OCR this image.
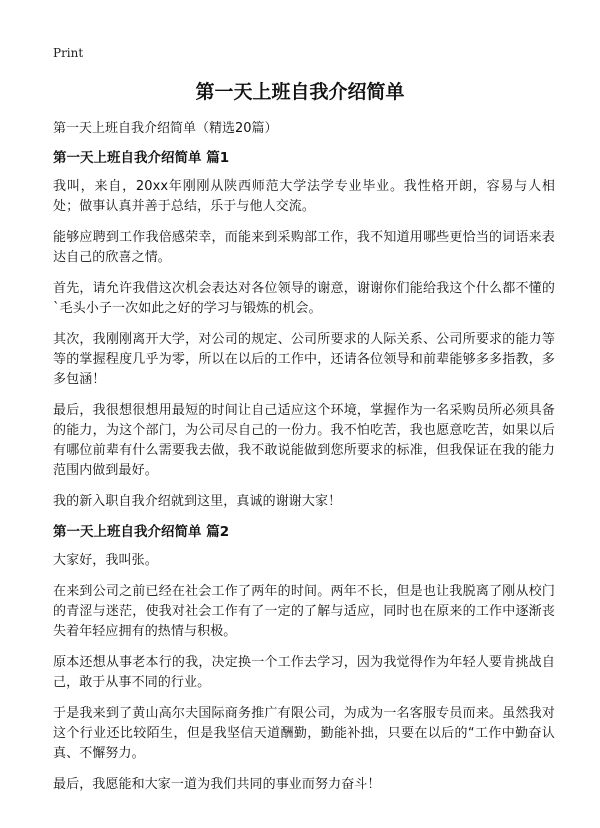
Print
第一天上班自我介绍简单

第一天上班自我介绍简单（精选20篇）

第一天上班自我介绍简单 篇1

我叫，来自，20xx年刚刚从陕西师范大学法学专业毕业。我性格开朗，容易与人相处；做事认真并善于总结，乐于与他人交流。

能够应聘到工作我倍感荣幸，而能来到采购部工作，我不知道用哪些更恰当的词语来表达自己的欣喜之情。

首先，请允许我借这次机会表达对各位领导的谢意，谢谢你们能给我这个什么都不懂的`毛头小子一次如此之好的学习与锻炼的机会。

其次，我刚刚离开大学，对公司的规定、公司所要求的人际关系、公司所要求的能力等等的掌握程度几乎为零，所以在以后的工作中，还请各位领导和前辈能够多多指教，多多包涵！

最后，我很想很想用最短的时间让自己适应这个环境，掌握作为一名采购员所必须具备的能力，为这个部门，为公司尽自己的一份力。我不怕吃苦，我也愿意吃苦，如果以后有哪位前辈有什么需要我去做，我不敢说能做到您所要求的标准，但我保证在我的能力范围内做到最好。

我的新入职自我介绍就到这里，真诚的谢谢大家！

第一天上班自我介绍简单 篇2

大家好，我叫张。

在来到公司之前已经在社会工作了两年的时间。两年不长，但是也让我脱离了刚从校门的青涩与迷茫，使我对社会工作有了一定的了解与适应，同时也在原来的工作中逐渐丧失着年轻应拥有的热情与积极。

原本还想从事老本行的我，决定换一个工作去学习，因为我觉得作为年轻人要肯挑战自己，敢于从事不同的行业。

于是我来到了黄山高尔夫国际商务推广有限公司，为成为一名客服专员而来。虽然我对这个行业还比较陌生，但是我坚信天道酬勤，勤能补拙，只要在以后的“工作中勤奋认真、不懈努力。

最后，我愿能和大家一道为我们共同的事业而努力奋斗！
